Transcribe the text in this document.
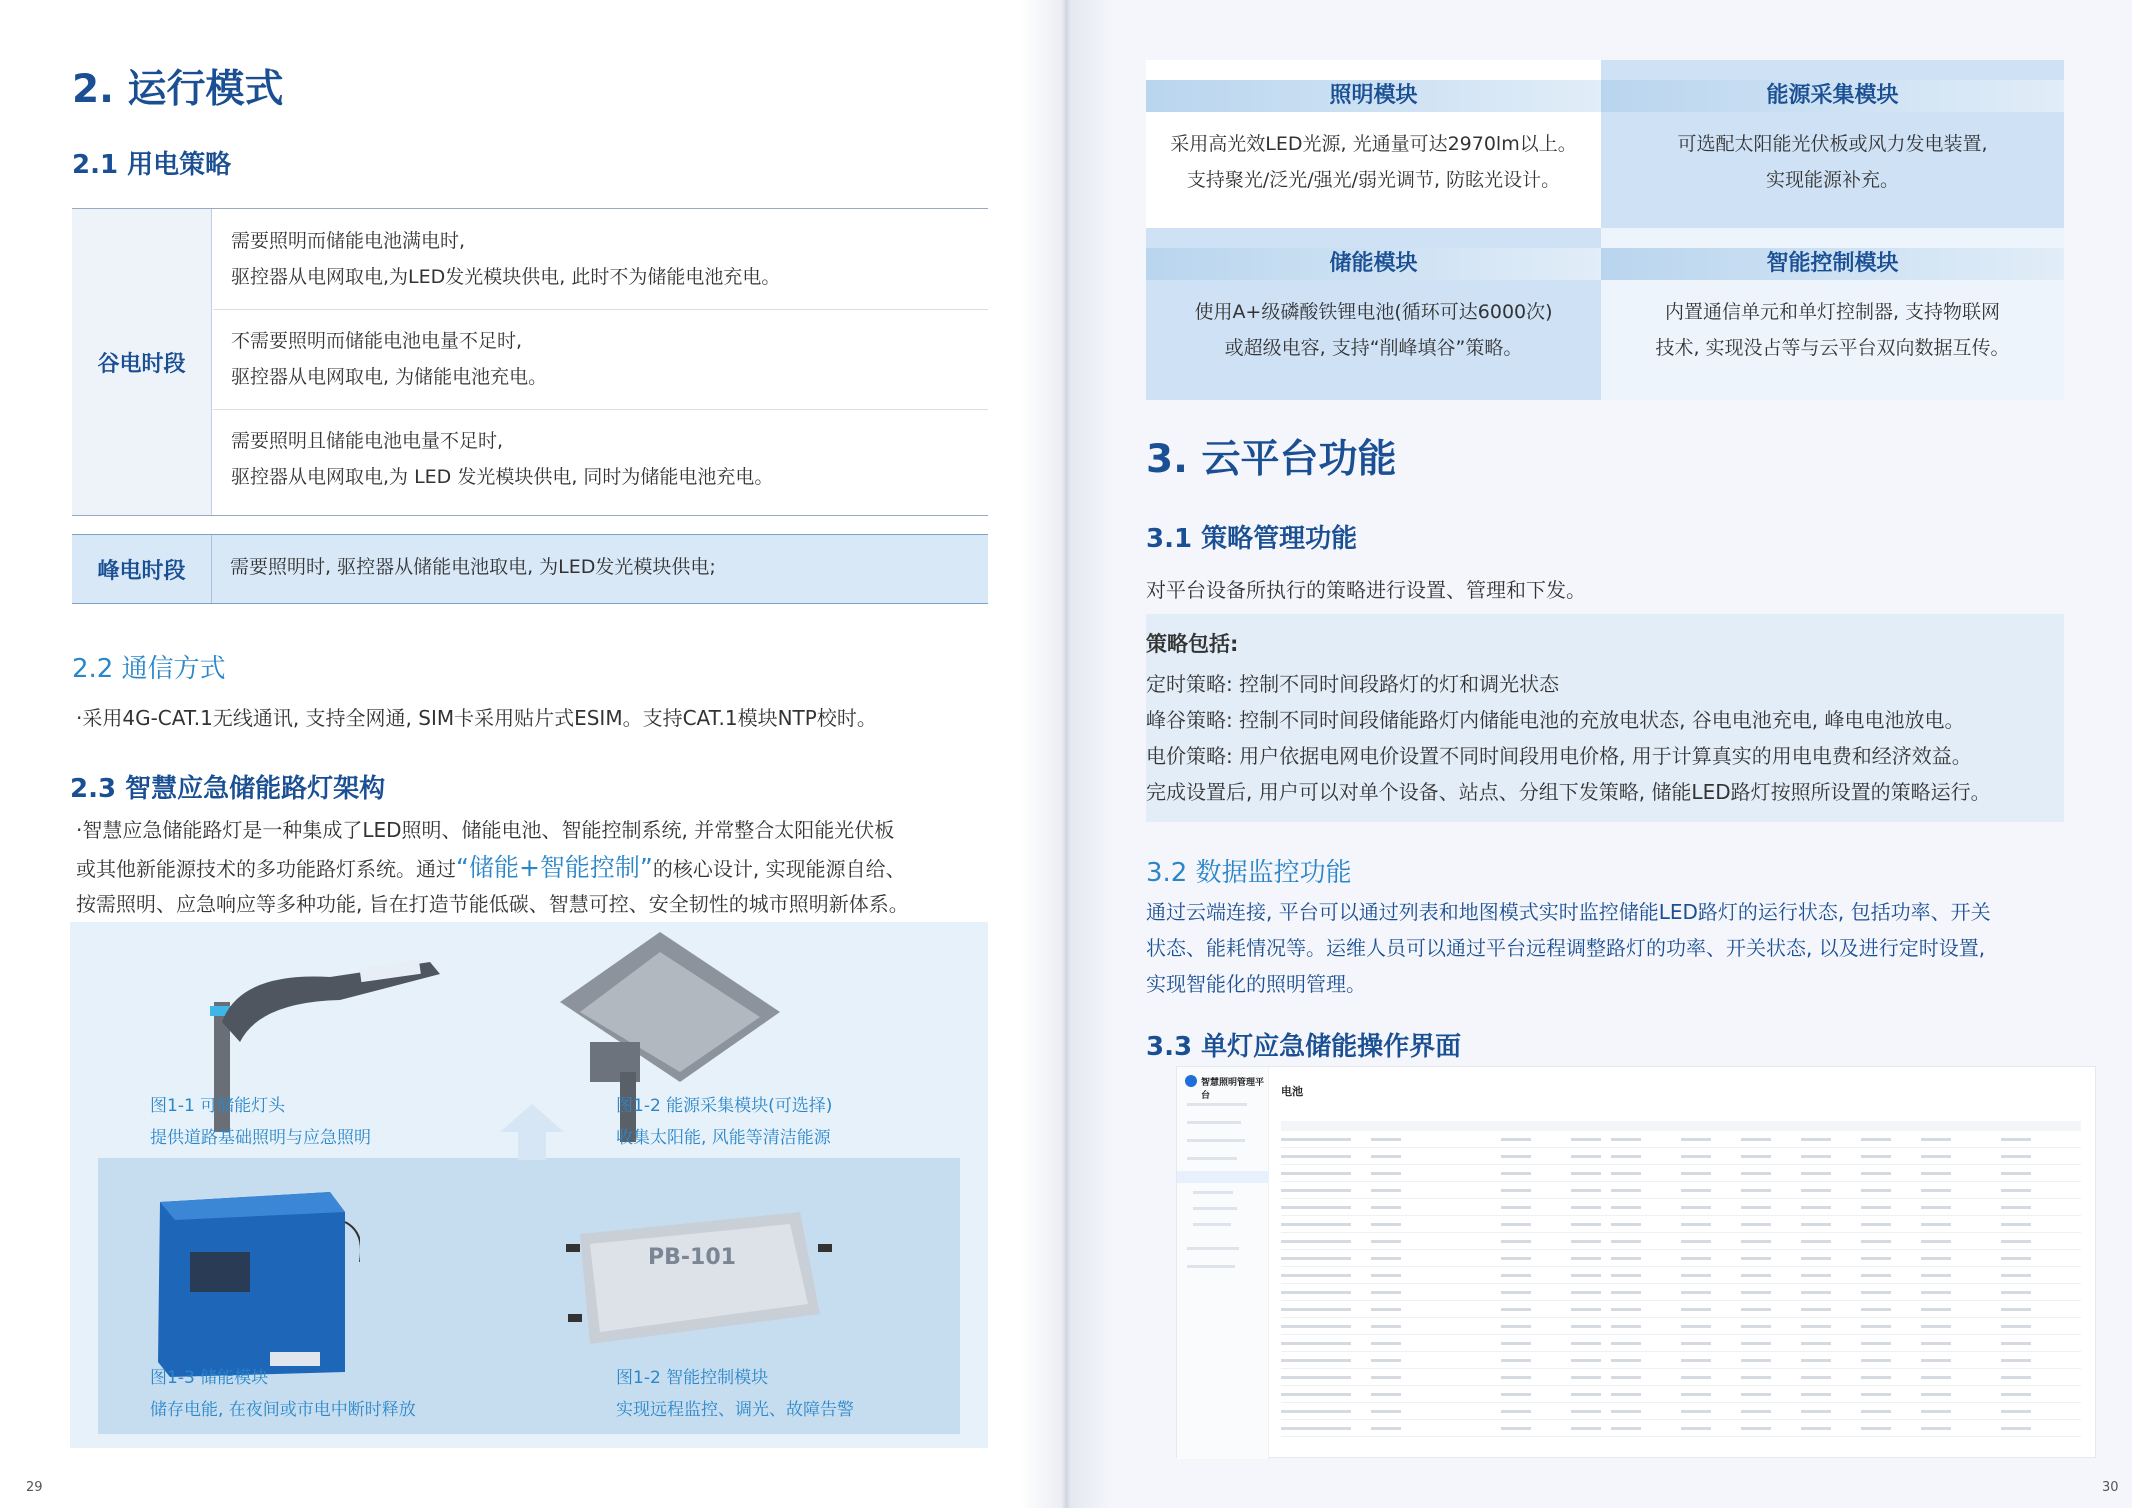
2. 运行模式
2.1 用电策略
谷电时段
需要照明而储能电池满电时,
驱控器从电网取电,为LED发光模块供电, 此时不为储能电池充电。
不需要照明而储能电池电量不足时,
驱控器从电网取电, 为储能电池充电。
需要照明且储能电池电量不足时,
驱控器从电网取电,为 LED 发光模块供电, 同时为储能电池充电。
峰电时段	需要照明时, 驱控器从储能电池取电, 为LED发光模块供电;
2.2 通信方式
·采用4G-CAT.1无线通讯, 支持全网通, SIM卡采用贴片式ESIM。支持CAT.1模块NTP校时。
2.3 智慧应急储能路灯架构
·智慧应急储能路灯是一种集成了LED照明、储能电池、智能控制系统, 并常整合太阳能光伏板
或其他新能源技术的多功能路灯系统。通过“储能+智能控制”的核心设计, 实现能源自给、
按需照明、应急响应等多种功能, 旨在打造节能低碳、智慧可控、安全韧性的城市照明新体系。
PB-101
图1-1 可储能灯头
提供道路基础照明与应急照明
图1-2 能源采集模块(可选择)
收集太阳能, 风能等清洁能源
图1-3 储能模块
储存电能, 在夜间或市电中断时释放
图1-2 智能控制模块
实现远程监控、调光、故障告警
29
照明模块
采用高光效LED光源, 光通量可达2970lm以上。
支持聚光/泛光/强光/弱光调节, 防眩光设计。
能源采集模块
可选配太阳能光伏板或风力发电装置,
实现能源补充。
储能模块
使用A+级磷酸铁锂电池(循环可达6000次)
或超级电容, 支持“削峰填谷”策略。
智能控制模块
内置通信单元和单灯控制器, 支持物联网
技术, 实现没占等与云平台双向数据互传。
3. 云平台功能
3.1 策略管理功能
对平台设备所执行的策略进行设置、管理和下发。
策略包括:
定时策略: 控制不同时间段路灯的灯和调光状态
峰谷策略: 控制不同时间段储能路灯内储能电池的充放电状态, 谷电电池充电, 峰电电池放电。
电价策略: 用户依据电网电价设置不同时间段用电价格, 用于计算真实的用电电费和经济效益。
完成设置后, 用户可以对单个设备、站点、分组下发策略, 储能LED路灯按照所设置的策略运行。
3.2 数据监控功能
通过云端连接, 平台可以通过列表和地图模式实时监控储能LED路灯的运行状态, 包括功率、开关
状态、能耗情况等。运维人员可以通过平台远程调整路灯的功率、开关状态, 以及进行定时设置,
实现智能化的照明管理。
3.3 单灯应急储能操作界面
智慧照明管理平台	电池
30
